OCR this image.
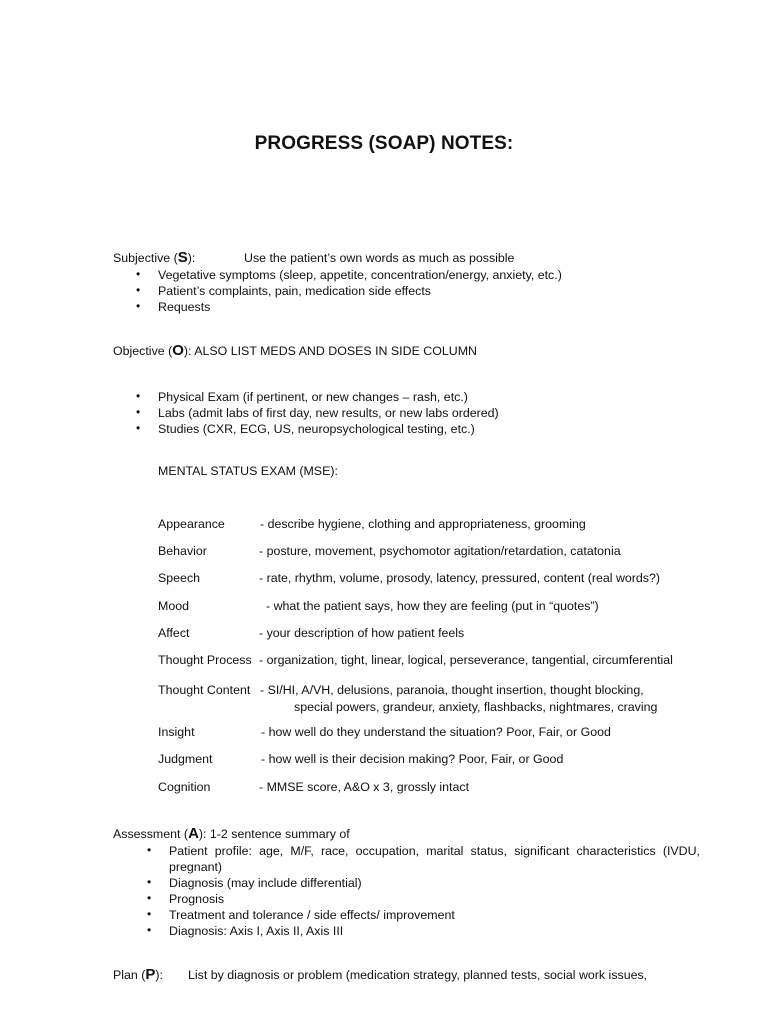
PROGRESS (SOAP) NOTES:
Subjective (S):	Use the patient’s own words as much as possible
• Vegetative symptoms (sleep, appetite, concentration/energy, anxiety, etc.)
• Patient’s complaints, pain, medication side effects
• Requests
Objective (O): ALSO LIST MEDS AND DOSES IN SIDE COLUMN
• Physical Exam (if pertinent, or new changes – rash, etc.)
• Labs (admit labs of first day, new results, or new labs ordered)
• Studies (CXR, ECG, US, neuropsychological testing, etc.)
MENTAL STATUS EXAM (MSE):
Appearance	- describe hygiene, clothing and appropriateness, grooming
Behavior	- posture, movement, psychomotor agitation/retardation, catatonia
Speech	- rate, rhythm, volume, prosody, latency, pressured, content (real words?)
Mood	- what the patient says, how they are feeling (put in “quotes”)
Affect	- your description of how patient feels
Thought Process - organization, tight, linear, logical, perseverance, tangential, circumferential
Thought Content - SI/HI, A/VH, delusions, paranoia, thought insertion, thought blocking,
special powers, grandeur, anxiety, flashbacks, nightmares, craving
Insight	- how well do they understand the situation? Poor, Fair, or Good
Judgment	- how well is their decision making? Poor, Fair, or Good
Cognition	- MMSE score, A&O x 3, grossly intact
Assessment (A): 1-2 sentence summary of
• Patient profile: age, M/F, race, occupation, marital status, significant characteristics (IVDU,
pregnant)
• Diagnosis (may include differential)
• Prognosis
• Treatment and tolerance / side effects/ improvement
• Diagnosis: Axis I, Axis II, Axis III
Plan (P): List by diagnosis or problem (medication strategy, planned tests, social work issues,
